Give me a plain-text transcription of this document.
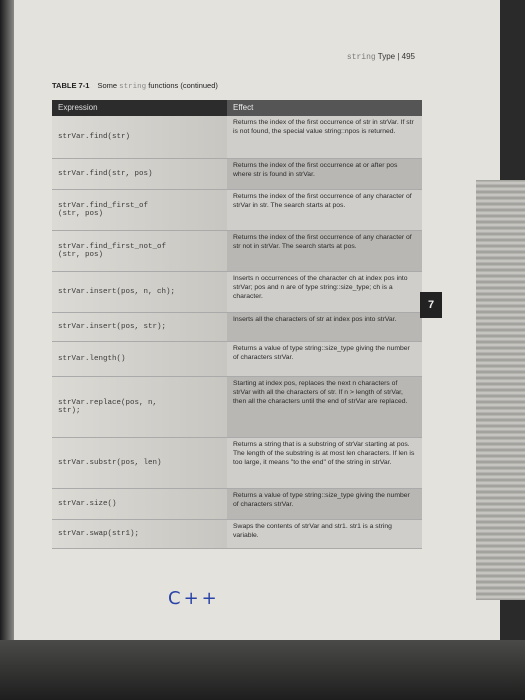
string Type | 495
TABLE 7-1 Some string functions (continued)
Expression	Effect
strVar.find(str)
Returns the index of the first occurrence of str in strVar. If str is not found, the special value string::npos is returned.
strVar.find(str, pos)
Returns the index of the first occurrence at or after pos where str is found in strVar.
strVar.find_first_of
(str, pos)
Returns the index of the first occurrence of any character of strVar in str. The search starts at pos.
strVar.find_first_not_of
(str, pos)
Returns the index of the first occurrence of any character of str not in strVar. The search starts at pos.
strVar.insert(pos, n, ch);
Inserts n occurrences of the character ch at index pos into strVar; pos and n are of type string::size_type; ch is a character.
strVar.insert(pos, str);
Inserts all the characters of str at index pos into strVar.
strVar.length()
Returns a value of type string::size_type giving the number of characters strVar.
strVar.replace(pos, n,
str);
Starting at index pos, replaces the next n characters of strVar with all the characters of str. If n > length of strVar, then all the characters until the end of strVar are replaced.
strVar.substr(pos, len)
Returns a string that is a substring of strVar starting at pos. The length of the substring is at most len characters. If len is too large, it means "to the end" of the string in strVar.
strVar.size()
Returns a value of type string::size_type giving the number of characters strVar.
strVar.swap(str1);
Swaps the contents of strVar and str1. str1 is a string variable.
7
C++
